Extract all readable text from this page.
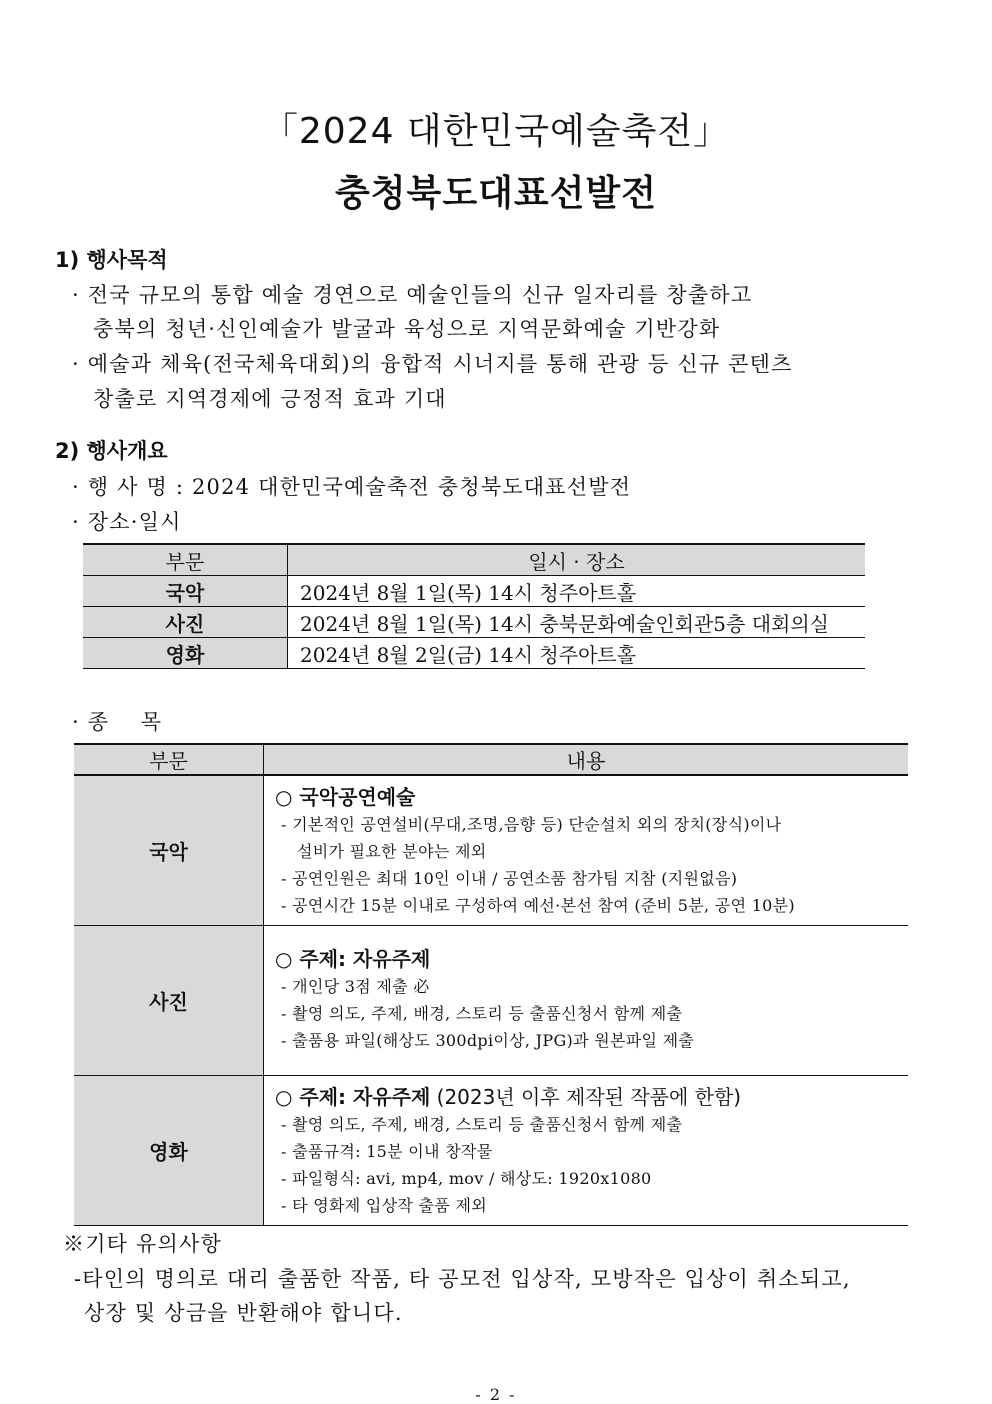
「2024 대한민국예술축전」
충청북도대표선발전
1) 행사목적
· 전국 규모의 통합 예술 경연으로 예술인들의 신규 일자리를 창출하고
충북의 청년·신인예술가 발굴과 육성으로 지역문화예술 기반강화
· 예술과 체육(전국체육대회)의 융합적 시너지를 통해 관광 등 신규 콘텐츠
창출로 지역경제에 긍정적 효과 기대
2) 행사개요
· 행 사 명 : 2024 대한민국예술축전 충청북도대표선발전
· 장소·일시
부문	일시 · 장소
국악	2024년 8월 1일(목) 14시 청주아트홀
사진	2024년 8월 1일(목) 14시 충북문화예술인회관5층 대회의실
영화	2024년 8월 2일(금) 14시 청주아트홀
· 종    목
부문	내용
국악	○ 국악공연예술
- 기본적인 공연설비(무대,조명,음향 등) 단순설치 외의 장치(장식)이나
설비가 필요한 분야는 제외
- 공연인원은 최대 10인 이내 / 공연소품 참가팀 지참 (지원없음)
- 공연시간 15분 이내로 구성하여 예선·본선 참여 (준비 5분, 공연 10분)

사진	○ 주제: 자유주제
- 개인당 3점 제출 必
- 촬영 의도, 주제, 배경, 스토리 등 출품신청서 함께 제출
- 출품용 파일(해상도 300dpi이상, JPG)과 원본파일 제출

영화	○ 주제: 자유주제 (2023년 이후 제작된 작품에 한함)
- 촬영 의도, 주제, 배경, 스토리 등 출품신청서 함께 제출
- 출품규격: 15분 이내 창작물
- 파일형식: avi, mp4, mov / 해상도: 1920x1080
- 타 영화제 입상작 출품 제외
※기타 유의사항
-타인의 명의로 대리 출품한 작품, 타 공모전 입상작, 모방작은 입상이 취소되고,
상장 및 상금을 반환해야 합니다.
- 2 -
